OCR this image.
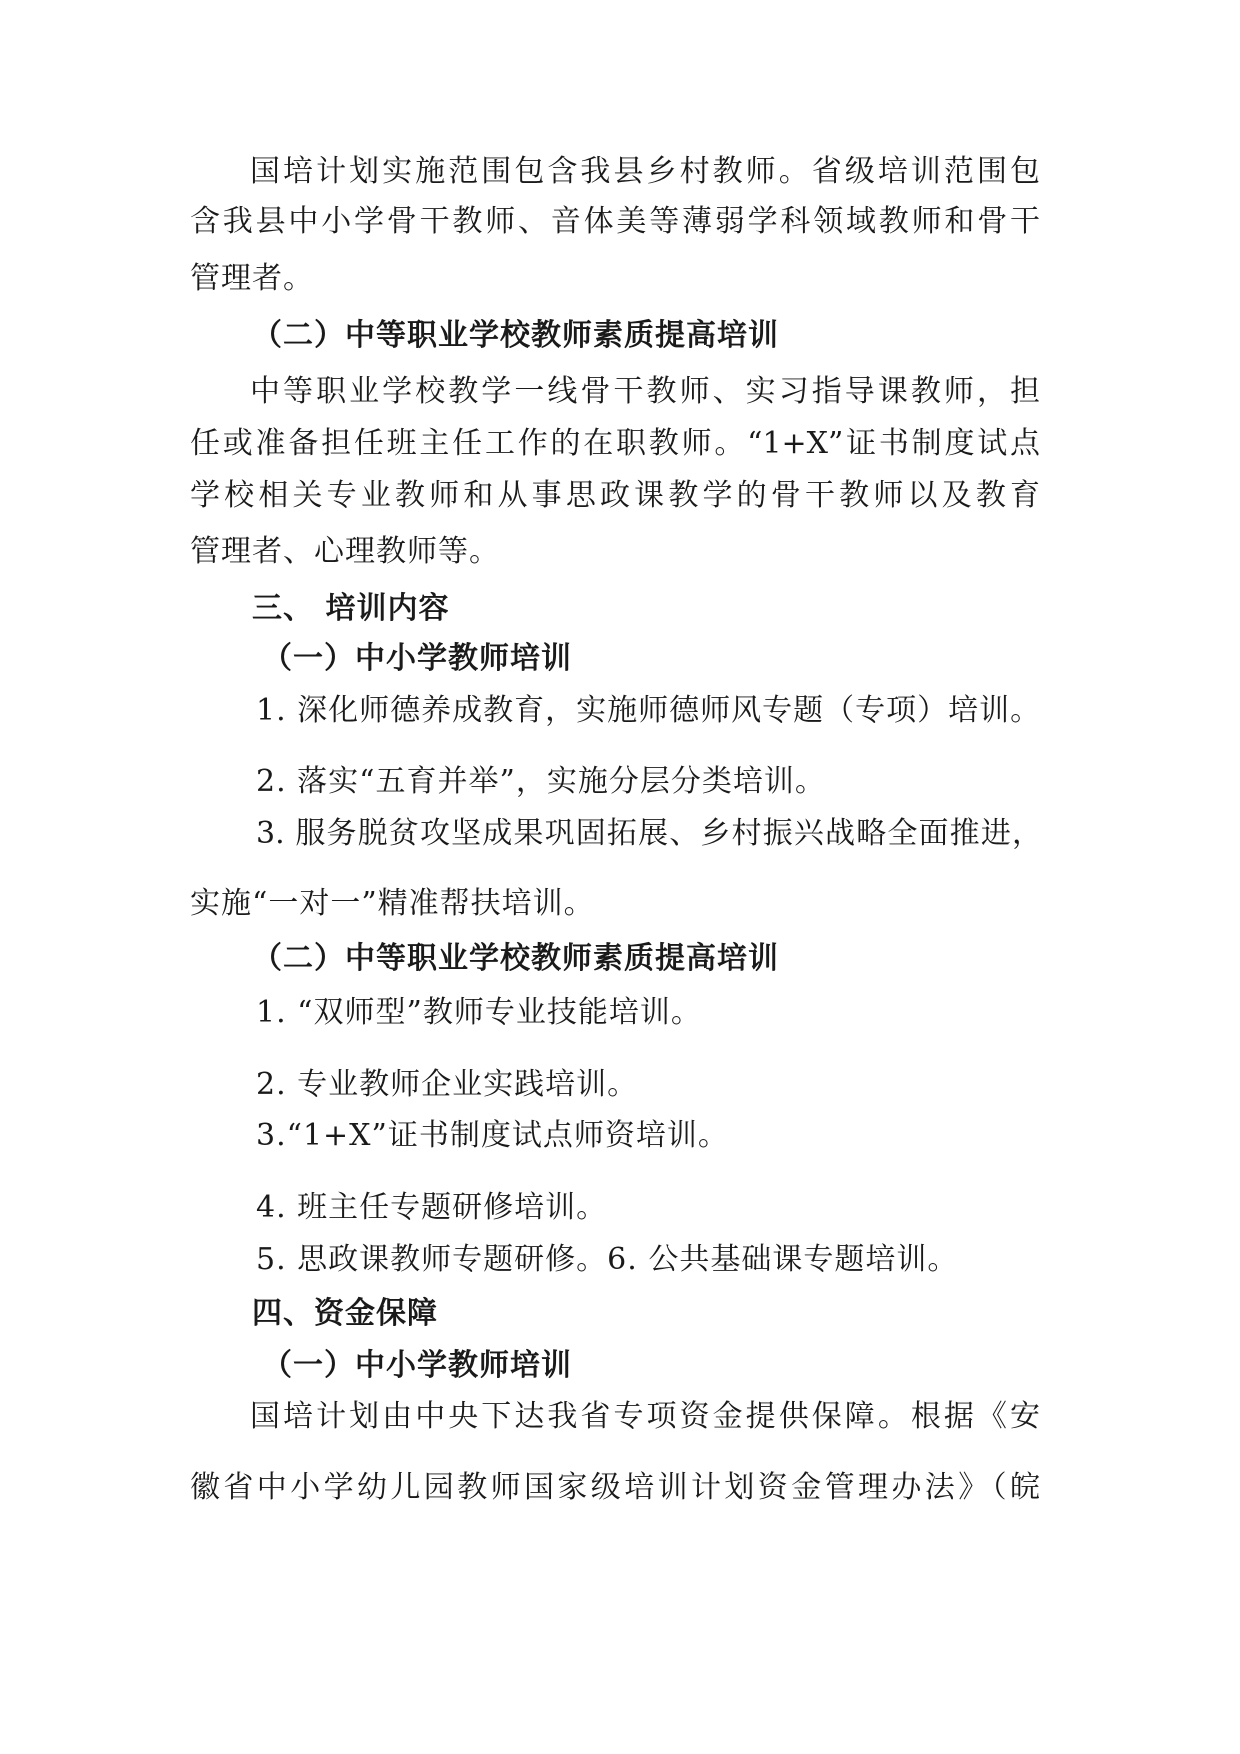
国培计划实施范围包含我县乡村教师。省级培训范围包
含我县中小学骨干教师、音体美等薄弱学科领域教师和骨干
管理者。
（二）中等职业学校教师素质提高培训
中等职业学校教学一线骨干教师、实习指导课教师，担
任或准备担任班主任工作的在职教师。“1+X”证书制度试点
学校相关专业教师和从事思政课教学的骨干教师以及教育
管理者、心理教师等。
三、 培训内容
（一）中小学教师培训
1. 深化师德养成教育，实施师德师风专题（专项）培训。
2. 落实“五育并举”，实施分层分类培训。
3. 服务脱贫攻坚成果巩固拓展、乡村振兴战略全面推进，
实施“一对一”精准帮扶培训。
（二）中等职业学校教师素质提高培训
1. “双师型”教师专业技能培训。
2. 专业教师企业实践培训。
3.“1+X”证书制度试点师资培训。
4. 班主任专题研修培训。
5. 思政课教师专题研修。6. 公共基础课专题培训。
四、资金保障
（一）中小学教师培训
国培计划由中央下达我省专项资金提供保障。根据《安
徽省中小学幼儿园教师国家级培训计划资金管理办法》（皖
